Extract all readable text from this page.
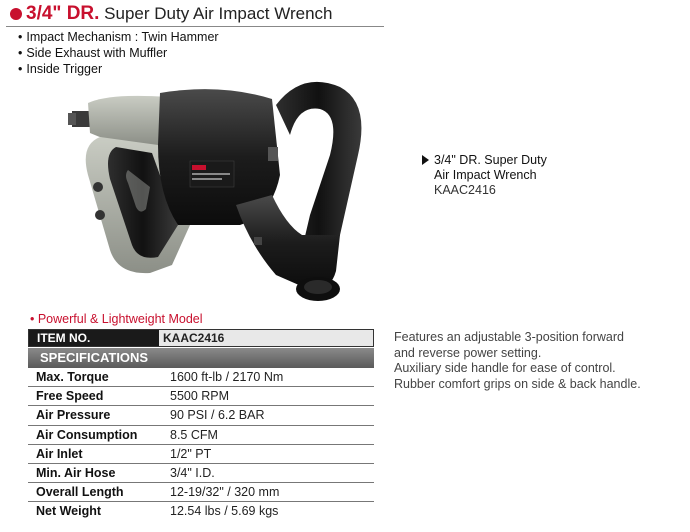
3/4" DR. Super Duty Air Impact Wrench
• Impact Mechanism : Twin Hammer
• Side Exhaust with Muffler
• Inside Trigger
3/4" DR. Super Duty
Air Impact Wrench
KAAC2416
• Powerful & Lightweight Model
ITEM NO.	KAAC2416
SPECIFICATIONS
Max. Torque	1600 ft-lb / 2170 Nm
Free Speed	5500 RPM
Air Pressure	90 PSI / 6.2 BAR
Air Consumption	8.5 CFM
Air Inlet	1/2" PT
Min. Air Hose	3/4" I.D.
Overall Length	12-19/32" / 320 mm
Net Weight	12.54 lbs / 5.69 kgs
Features an adjustable 3-position forward
and reverse power setting.
Auxiliary side handle for ease of control.
Rubber comfort grips on side & back handle.
